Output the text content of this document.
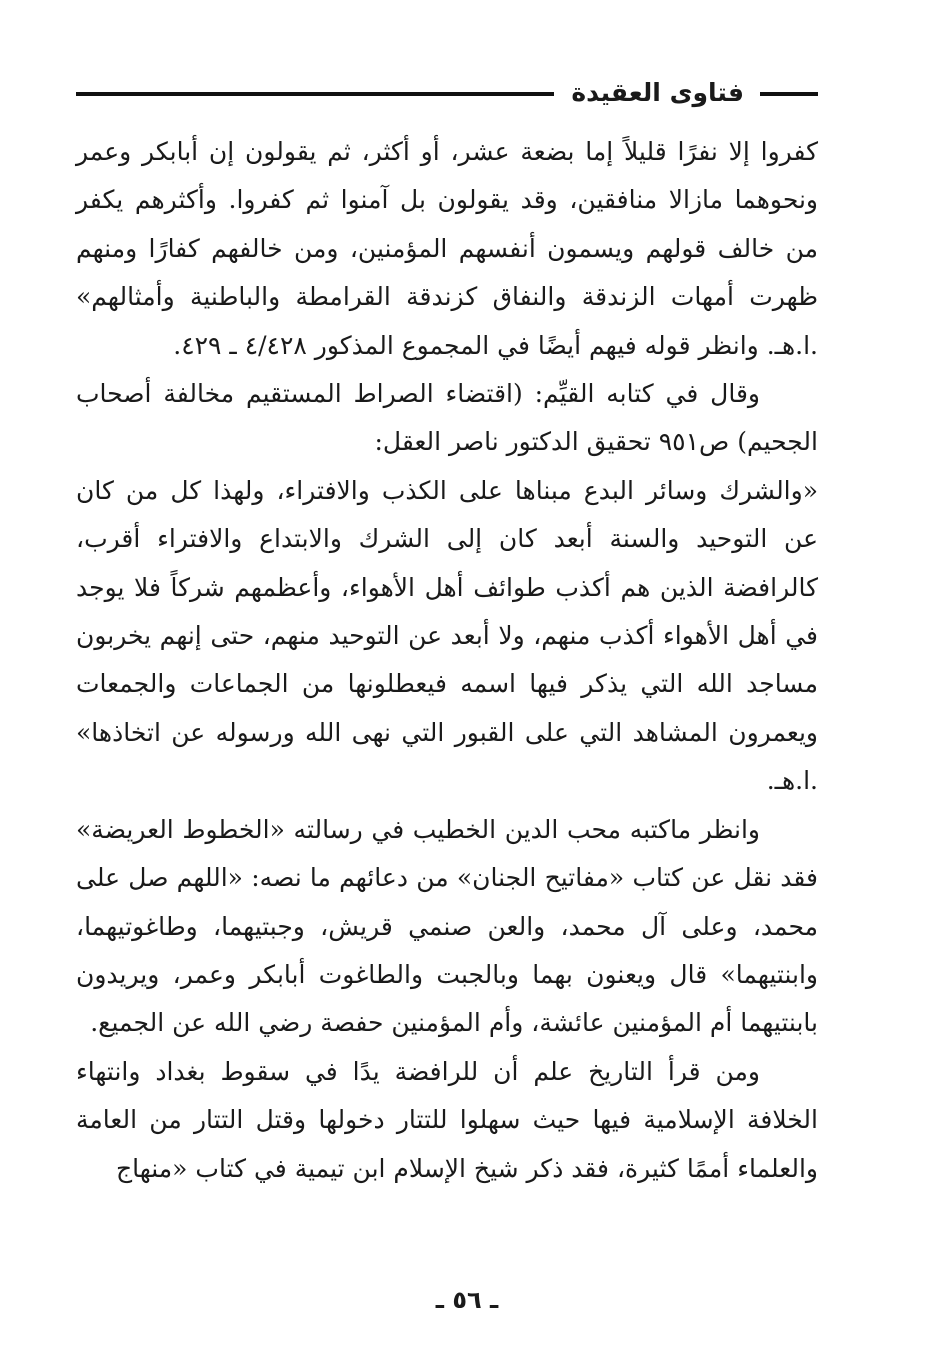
فتاوى العقيدة

كفروا إلا نفرًا قليلاً إما بضعة عشر، أو أكثر، ثم يقولون إن أبابكر وعمر ونحوهما مازالا منافقين، وقد يقولون بل آمنوا ثم كفروا. وأكثرهم يكفر من خالف قولهم ويسمون أنفسهم المؤمنين، ومن خالفهم كفارًا ومنهم ظهرت أمهات الزندقة والنفاق كزندقة القرامطة والباطنية وأمثالهم» .ا.هـ. وانظر قوله فيهم أيضًا في المجموع المذكور ٤/٤٢٨ ـ ٤٢٩.

وقال في كتابه القيِّم: (اقتضاء الصراط المستقيم مخالفة أصحاب الجحيم) ص٩٥١ تحقيق الدكتور ناصر العقل:

«والشرك وسائر البدع مبناها على الكذب والافتراء، ولهذا كل من كان عن التوحيد والسنة أبعد كان إلى الشرك والابتداع والافتراء أقرب، كالرافضة الذين هم أكذب طوائف أهل الأهواء، وأعظمهم شركاً فلا يوجد في أهل الأهواء أكذب منهم، ولا أبعد عن التوحيد منهم، حتى إنهم يخربون مساجد الله التي يذكر فيها اسمه فيعطلونها من الجماعات والجمعات ويعمرون المشاهد التي على القبور التي نهى الله ورسوله عن اتخاذها» .ا.هـ.

وانظر ماكتبه محب الدين الخطيب في رسالته «الخطوط العريضة» فقد نقل عن كتاب «مفاتيح الجنان» من دعائهم ما نصه: «اللهم صل على محمد، وعلى آل محمد، والعن صنمي قريش، وجبتيهما، وطاغوتيهما، وابنتيهما» قال ويعنون بهما وبالجبت والطاغوت أبابكر وعمر، ويريدون بابنتيهما أم المؤمنين عائشة، وأم المؤمنين حفصة رضي الله عن الجميع.

ومن قرأ التاريخ علم أن للرافضة يدًا في سقوط بغداد وانتهاء الخلافة الإسلامية فيها حيث سهلوا للتتار دخولها وقتل التتار من العامة والعلماء أممًا كثيرة، فقد ذكر شيخ الإسلام ابن تيمية في كتاب «منهاج

ـ ٥٦ ـ
